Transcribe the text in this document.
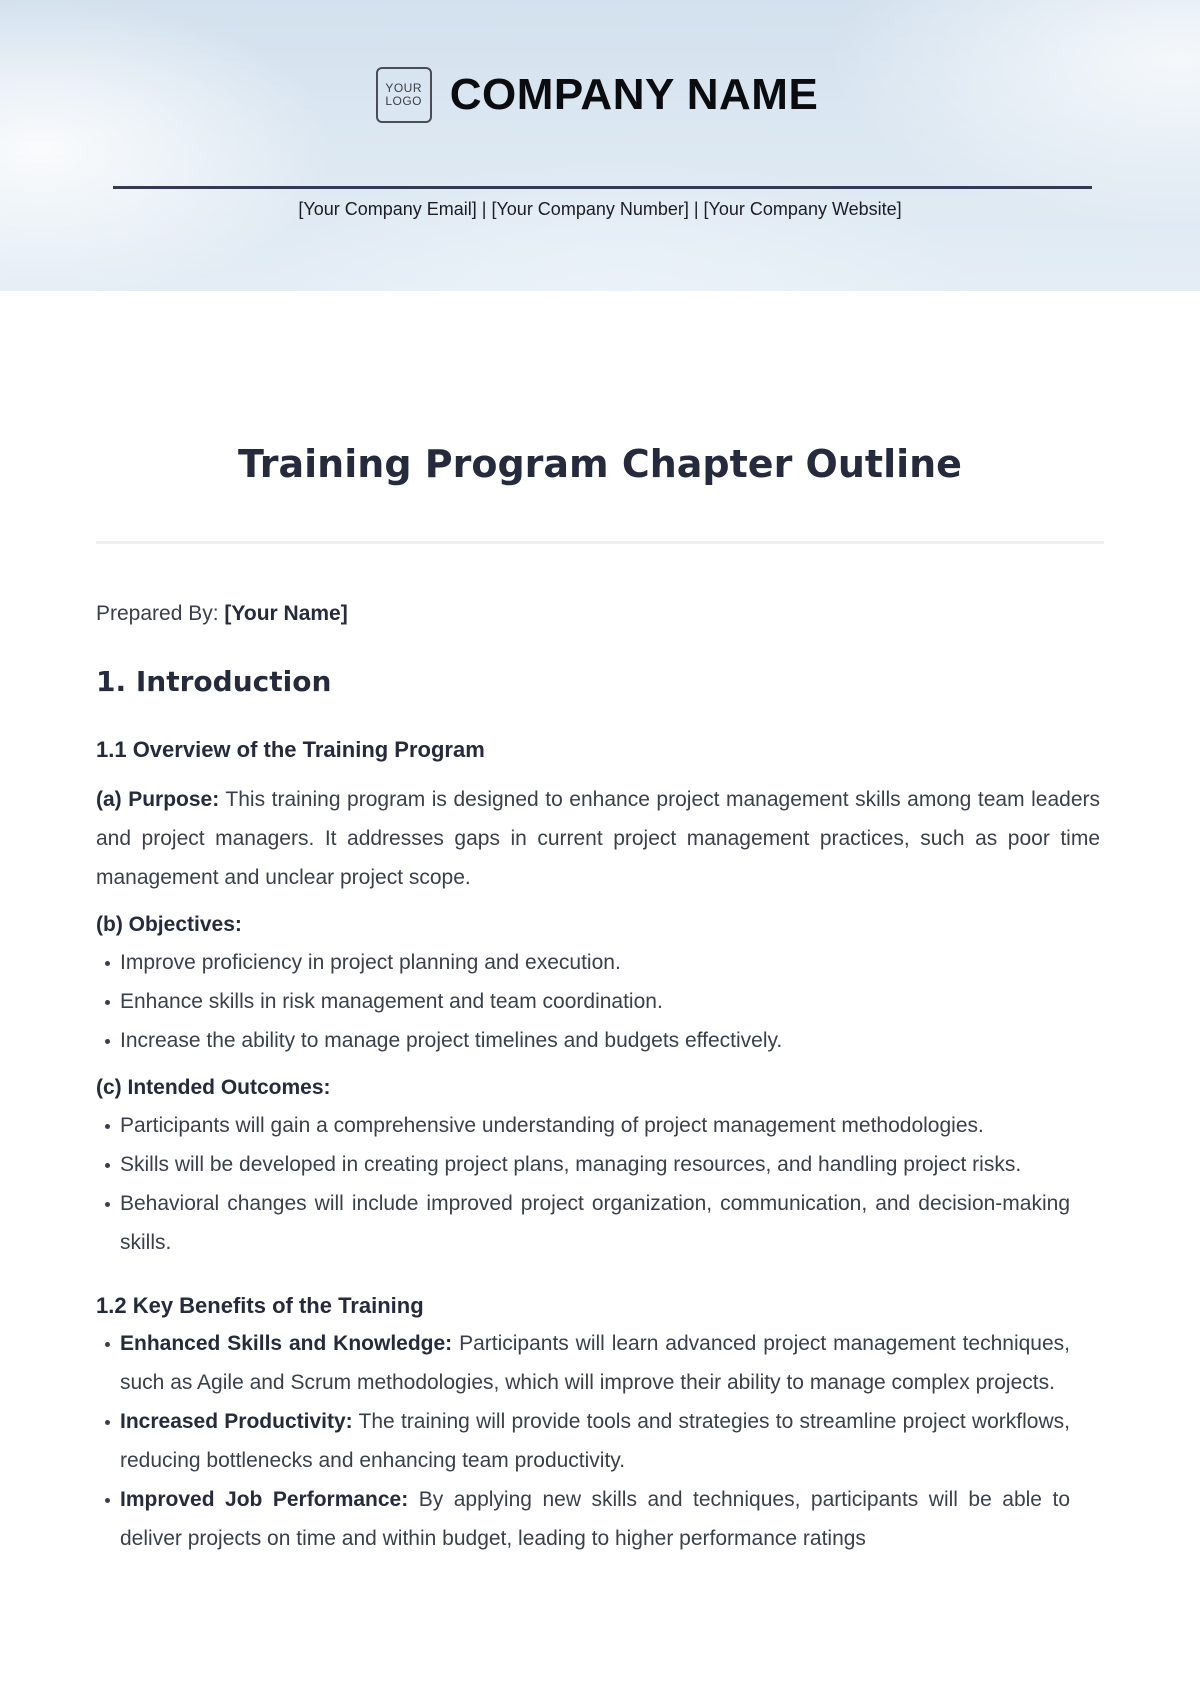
YOUR
LOGO COMPANY NAME
[Your Company Email] | [Your Company Number] | [Your Company Website]
Training Program Chapter Outline

Prepared By: [Your Name]

1. Introduction
1.1 Overview of the Training Program

(a) Purpose: This training program is designed to enhance project management skills among team leaders and project managers. It addresses gaps in current project management practices, such as poor time management and unclear project scope.

(b) Objectives:
Improve proficiency in project planning and execution.
Enhance skills in risk management and team coordination.
Increase the ability to manage project timelines and budgets effectively.
(c) Intended Outcomes:
Participants will gain a comprehensive understanding of project management methodologies.
Skills will be developed in creating project plans, managing resources, and handling project risks.
Behavioral changes will include improved project organization, communication, and decision-making skills.
1.2 Key Benefits of the Training
Enhanced Skills and Knowledge: Participants will learn advanced project management techniques, such as Agile and Scrum methodologies, which will improve their ability to manage complex projects.
Increased Productivity: The training will provide tools and strategies to streamline project workflows, reducing bottlenecks and enhancing team productivity.
Improved Job Performance: By applying new skills and techniques, participants will be able to deliver projects on time and within budget, leading to higher performance ratings
